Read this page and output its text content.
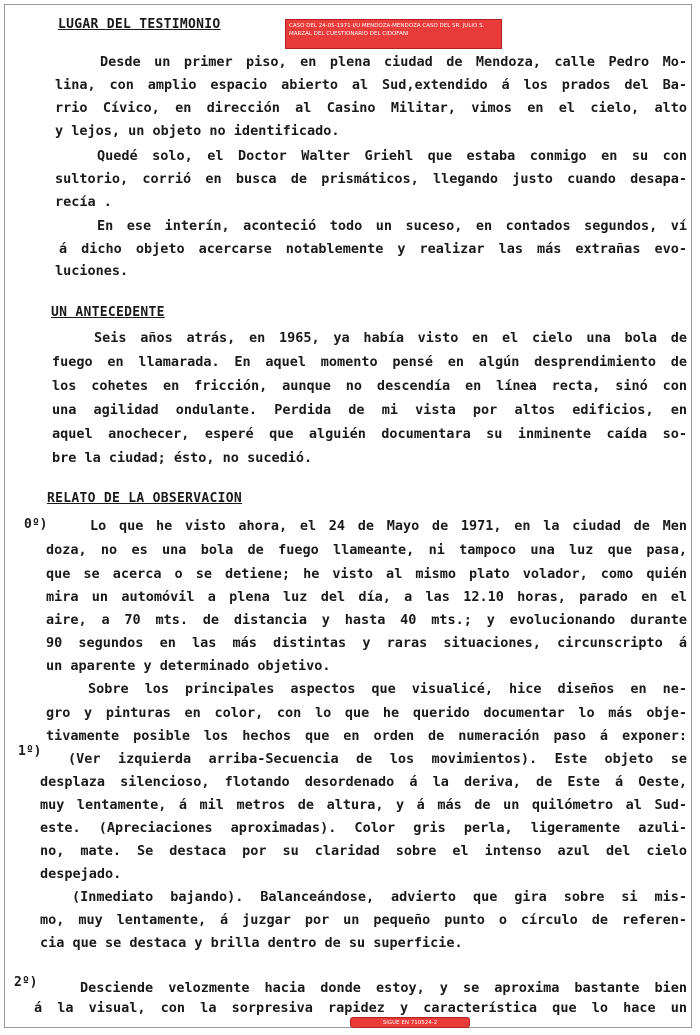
CASO DEL 24-05-1971-I/U MENDOZA-MENDOZA CASO DEL SR. JULIO S. MARZAL DEL CUESTIONARIO DEL CIDOFANI
LUGAR DEL TESTIMONIO
Desde un primer piso, en plena ciudad de Mendoza, calle Pedro Mo-
lina, con amplio espacio abierto al Sud,extendido á los prados del Ba-
rrio Cívico, en dirección al Casino Militar, vimos en el cielo, alto
y lejos, un objeto no identificado.
Quedé solo, el Doctor Walter Griehl que estaba conmigo en su con
sultorio, corrió en busca de prismáticos, llegando justo cuando desapa-
recía .
En ese interín, aconteció todo un suceso, en contados segundos, ví
á dicho objeto acercarse notablemente y realizar las más extrañas evo-
luciones.
UN ANTECEDENTE
Seis años atrás, en 1965, ya había visto en el cielo una bola de
fuego en llamarada. En aquel momento pensé en algún desprendimiento de
los cohetes en fricción, aunque no descendía en línea recta, sinó con
una agilidad ondulante. Perdida de mi vista por altos edificios, en
aquel anochecer, esperé que alguién documentara su inminente caída so-
bre la ciudad; ésto, no sucedió.
RELATO DE LA OBSERVACION
0º)	Lo que he visto ahora, el 24 de Mayo de 1971, en la ciudad de Men
doza, no es una bola de fuego llameante, ni tampoco una luz que pasa,
que se acerca o se detiene; he visto al mismo plato volador, como quién
mira un automóvil a plena luz del día, a las 12.10 horas, parado en el
aire, a 70 mts. de distancia y hasta 40 mts.; y evolucionando durante
90 segundos en las más distintas y raras situaciones, circunscripto á
un aparente y determinado objetivo.
Sobre los principales aspectos que visualicé, hice diseños en ne-
gro y pinturas en color, con lo que he querido documentar lo más obje-
tivamente posible los hechos que en orden de numeración paso á exponer:
1º) (Ver izquierda arriba-Secuencia de los movimientos). Este objeto se
desplaza silencioso, flotando desordenado á la deriva, de Este á Oeste,
muy lentamente, á mil metros de altura, y á más de un quilómetro al Sud-
este. (Apreciaciones aproximadas). Color gris perla, ligeramente azuli-
no, mate. Se destaca por su claridad sobre el intenso azul del cielo
despejado.
(Inmediato bajando). Balanceándose, advierto que gira sobre si mis-
mo, muy lentamente, á juzgar por un pequeño punto o círculo de referen-
cia que se destaca y brilla dentro de su superficie.
2º)	Desciende velozmente hacia donde estoy, y se aproxima bastante bien
á la visual, con la sorpresiva rapidez y característica que lo hace un
SIGUE EN 710524-2
